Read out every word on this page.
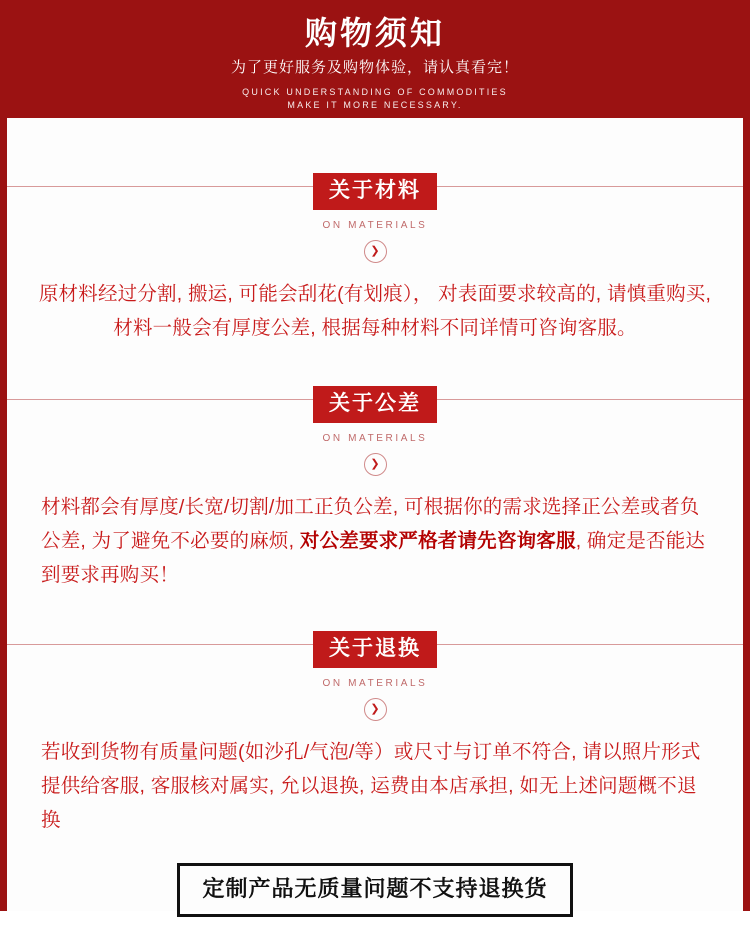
购物须知
为了更好服务及购物体验，请认真看完！
QUICK UNDERSTANDING OF COMMODITIES
MAKE IT MORE NECESSARY.
关于材料
ON MATERIALS
❯
原材料经过分割, 搬运, 可能会刮花(有划痕）， 对表面要求较高的, 请慎重购买, 材料一般会有厚度公差, 根据每种材料不同详情可咨询客服。
关于公差
ON MATERIALS
❯
材料都会有厚度/长宽/切割/加工正负公差, 可根据你的需求选择正公差或者负公差, 为了避免不必要的麻烦, 对公差要求严格者请先咨询客服, 确定是否能达到要求再购买！
关于退换
ON MATERIALS
❯
若收到货物有质量问题(如沙孔/气泡/等）或尺寸与订单不符合, 请以照片形式提供给客服, 客服核对属实, 允以退换, 运费由本店承担, 如无上述问题概不退换
定制产品无质量问题不支持退换货
